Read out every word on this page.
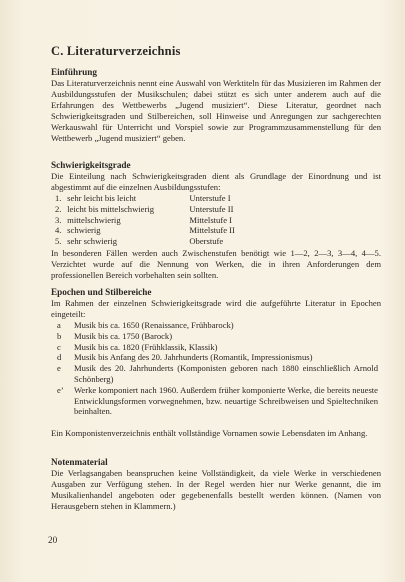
C. Literaturverzeichnis
Einführung

Das Literaturverzeichnis nennt eine Auswahl von Werktiteln für das Musizieren im Rahmen der Ausbildungsstufen der Musikschulen; dabei stützt es sich unter anderem auch auf die Erfahrungen des Wettbewerbs „Jugend musiziert“. Diese Literatur, geordnet nach Schwierigkeitsgraden und Stilbereichen, soll Hinweise und Anregungen zur sachgerechten Werkauswahl für Unterricht und Vorspiel sowie zur Programmzusammenstellung für den Wettbewerb „Jugend musiziert“ geben.

Schwierigkeitsgrade

Die Einteilung nach Schwierigkeitsgraden dient als Grundlage der Einordnung und ist abgestimmt auf die einzelnen Ausbildungsstufen:

1. sehr leicht bis leicht	Unterstufe I
2. leicht bis mittelschwierig	Unterstufe II
3. mittelschwierig	Mittelstufe I
4. schwierig	Mittelstufe II
5. sehr schwierig	Oberstufe

In besonderen Fällen werden auch Zwischenstufen benötigt wie 1—2, 2—3, 3—4, 4—5. Verzichtet wurde auf die Nennung von Werken, die in ihren Anforderungen dem professionellen Bereich vorbehalten sein sollten.

Epochen und Stilbereiche

Im Rahmen der einzelnen Schwierigkeitsgrade wird die aufgeführte Literatur in Epochen eingeteilt:

a Musik bis ca. 1650 (Renaissance, Frühbarock)
b Musik bis ca. 1750 (Barock)
c Musik bis ca. 1820 (Frühklassik, Klassik)
d Musik bis Anfang des 20. Jahrhunderts (Romantik, Impressionismus)
e Musik des 20. Jahrhunderts (Komponisten geboren nach 1880 einschließlich Arnold Schönberg)
e’ Werke komponiert nach 1960. Außerdem früher komponierte Werke, die bereits neueste Entwicklungsformen vorwegnehmen, bzw. neuartige Schreibweisen und Spieltechniken beinhalten.

Ein Komponistenverzeichnis enthält vollständige Vornamen sowie Lebensdaten im Anhang.

Notenmaterial

Die Verlagsangaben beanspruchen keine Vollständigkeit, da viele Werke in verschiedenen Ausgaben zur Verfügung stehen. In der Regel werden hier nur Werke genannt, die im Musikalienhandel angeboten oder gegebenenfalls bestellt werden können. (Namen von Herausgebern stehen in Klammern.)

20
